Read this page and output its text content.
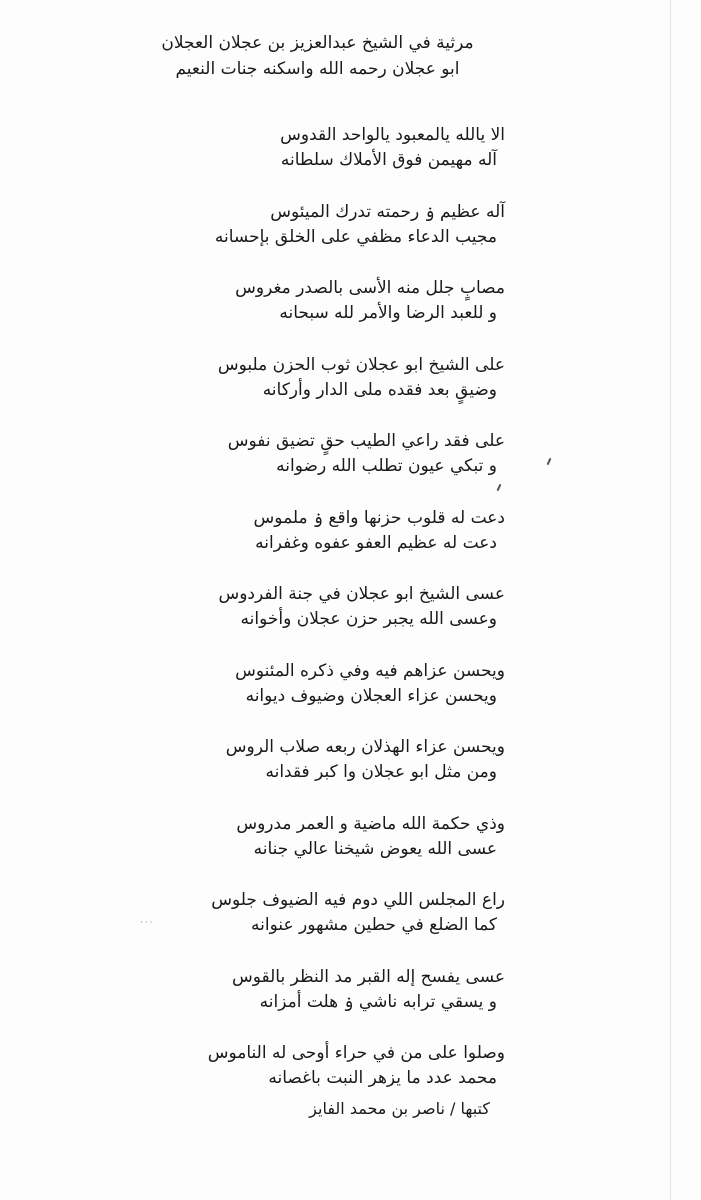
مرثية في الشيخ عبدالعزيز بن عجلان العجلان
ابو عجلان رحمه الله واسكنه جنات النعيم
الا يالله يالمعبود يالواحد القدوس
آله مهيمن فوق الأملاك سلطانه
آله عظيم ۏ رحمته تدرك الميئوس
مجيب الدعاء مظفي على الخلق بإحسانه
مصابٍ جلل منه الأسى بالصدر مغروس
و للعبد الرضا والأمر لله سبحانه
على الشيخ ابو عجلان ثوب الحزن ملبوس
وضيقٍ بعد فقده ملى الدار وأركانه
على فقد راعي الطيب حقٍ تضيق نفوس
و تبكي عيون تطلب الله رضوانه
دعت له قلوب حزنها واقع ۏ ملموس
دعت له عظيم العفو عفوه وغفرانه
عسى الشيخ ابو عجلان في جنة الفردوس
وعسى الله يجبر حزن عجلان وأخوانه
ويحسن عزاهم فيه وفي ذكره المئنوس
ويحسن عزاء العجلان وضيوف ديوانه
ويحسن عزاء الهذلان ربعه صلاب الروس
ومن مثل ابو عجلان وا كبر فقدانه
وذي حكمة الله ماضية و العمر مدروس
عسى الله يعوض شيخنا عالي جنانه
راع المجلس اللي دوم فيه الضيوف جلوس
كما الضلع في حطين مشهور عنوانه
عسى يفسح إله القبر مد النظر بالقوس
و يسقي ترابه ناشي ۏ هلت أمزانه
وصلوا على من في حراء أوحى له الناموس
محمد عدد ما يزهر النبت باغصانه
كتبها / ناصر بن محمد الفايز
·‧·
